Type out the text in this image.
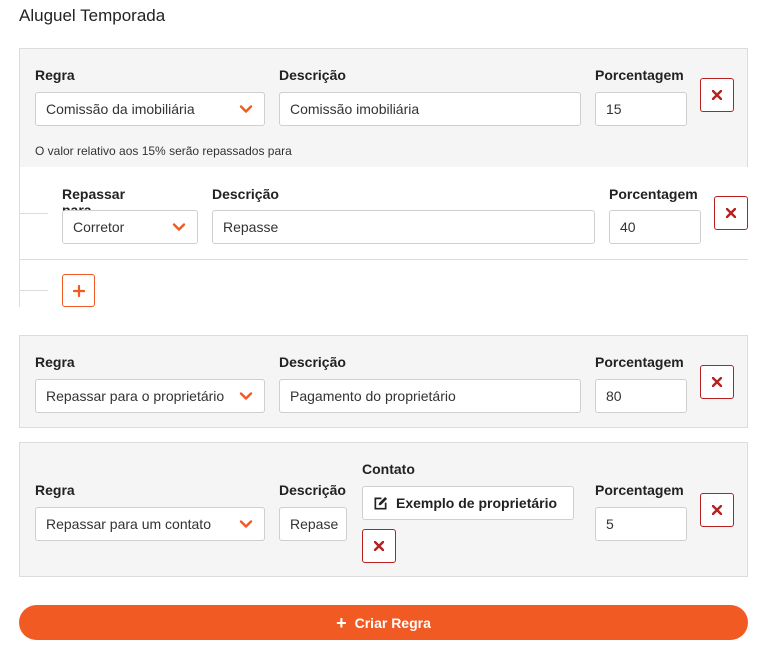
Aluguel Temporada
Regra
Comissão da imobiliária
Descrição
Comissão imobiliária
Porcentagem
15
O valor relativo aos 15% serão repassados para
Repassar
Corretor
Descrição
Repasse
Porcentagem
40
Regra
Repassar para o proprietário
Descrição
Pagamento do proprietário
Porcentagem
80
Regra
Repassar para um contato
Descrição
Repase
Contato
Exemplo de proprietário
Porcentagem
5
+ Criar Regra
